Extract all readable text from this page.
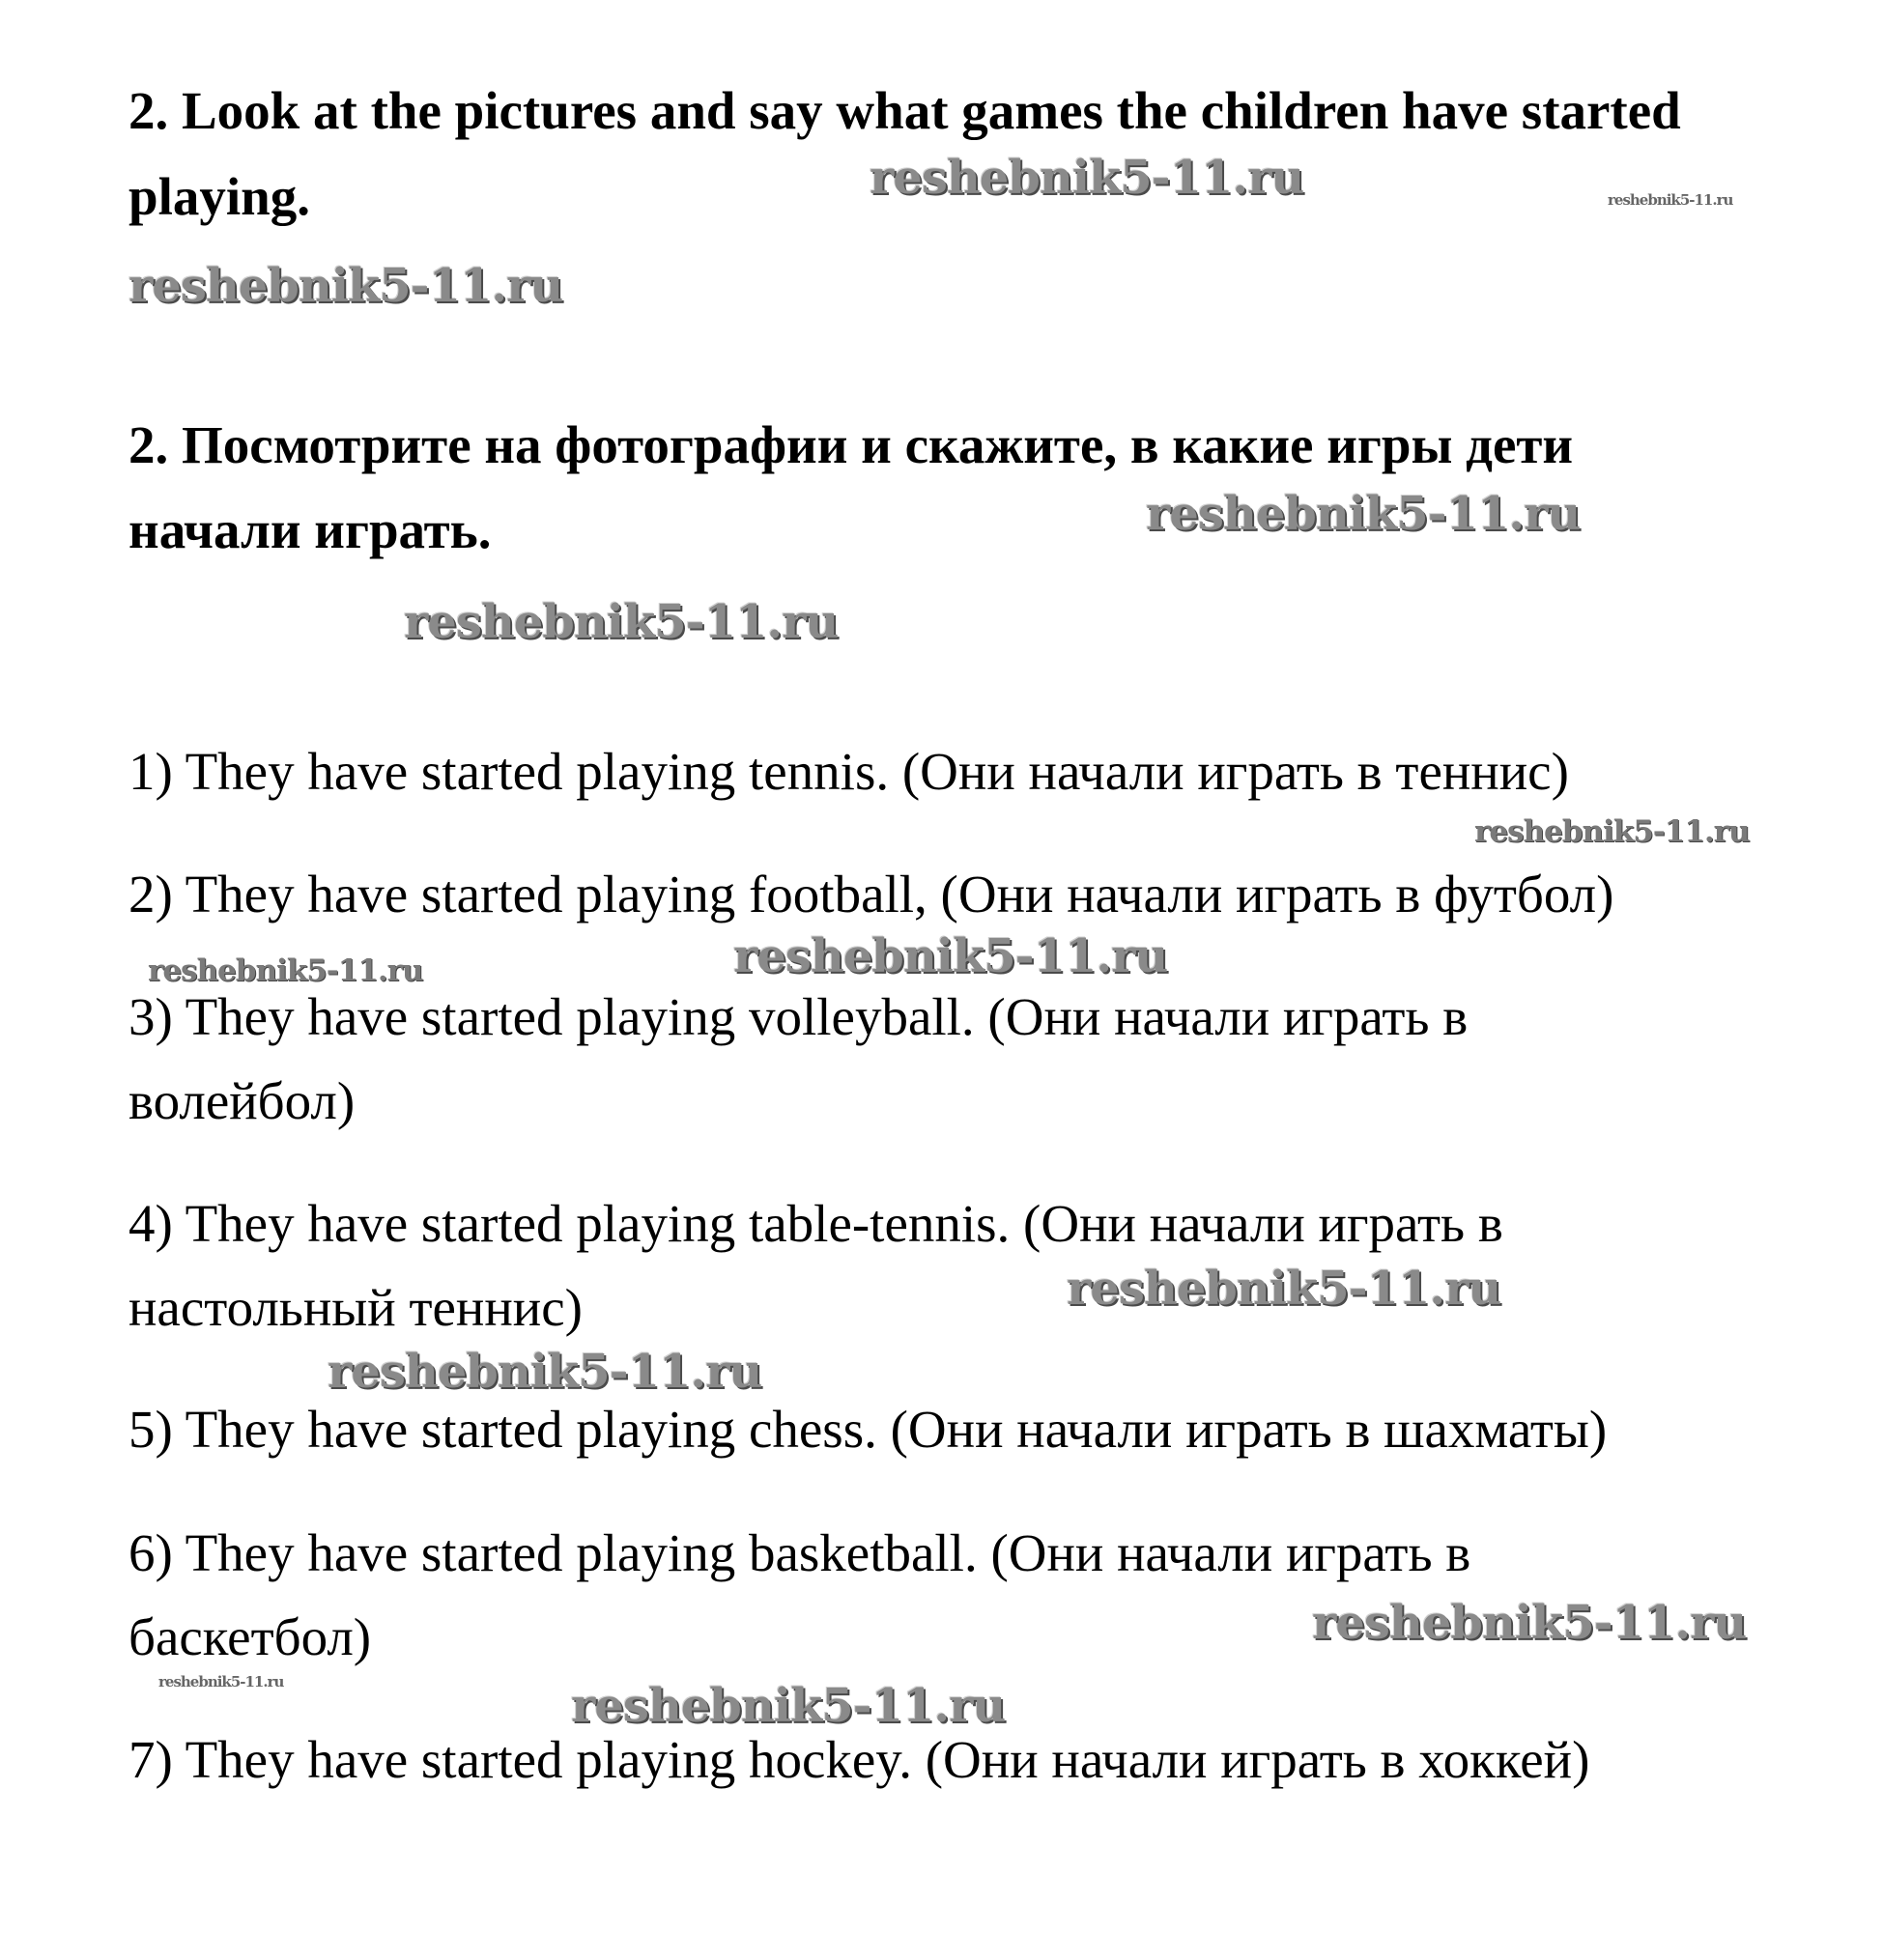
2. Look at the pictures and say what games the children have started
playing.
2. Посмотрите на фотографии и скажите, в какие игры дети
начали играть.
1) They have started playing tennis. (Они начали играть в теннис)
2) They have started playing football, (Они начали играть в футбол)
3) They have started playing volleyball. (Они начали играть в
волейбол)
4) They have started playing table-tennis. (Они начали играть в
настольный теннис)
5) They have started playing chess. (Они начали играть в шахматы)
6) They have started playing basketball. (Они начали играть в
баскетбол)
7) They have started playing hockey. (Они начали играть в хоккей)
reshebnik5-11.ru	reshebnik5-11.ru
reshebnik5-11.ru
reshebnik5-11.ru
reshebnik5-11.ru
reshebnik5-11.ru
reshebnik5-11.ru
reshebnik5-11.ru
reshebnik5-11.ru
reshebnik5-11.ru
reshebnik5-11.ru
reshebnik5-11.ru	reshebnik5-11.ru
